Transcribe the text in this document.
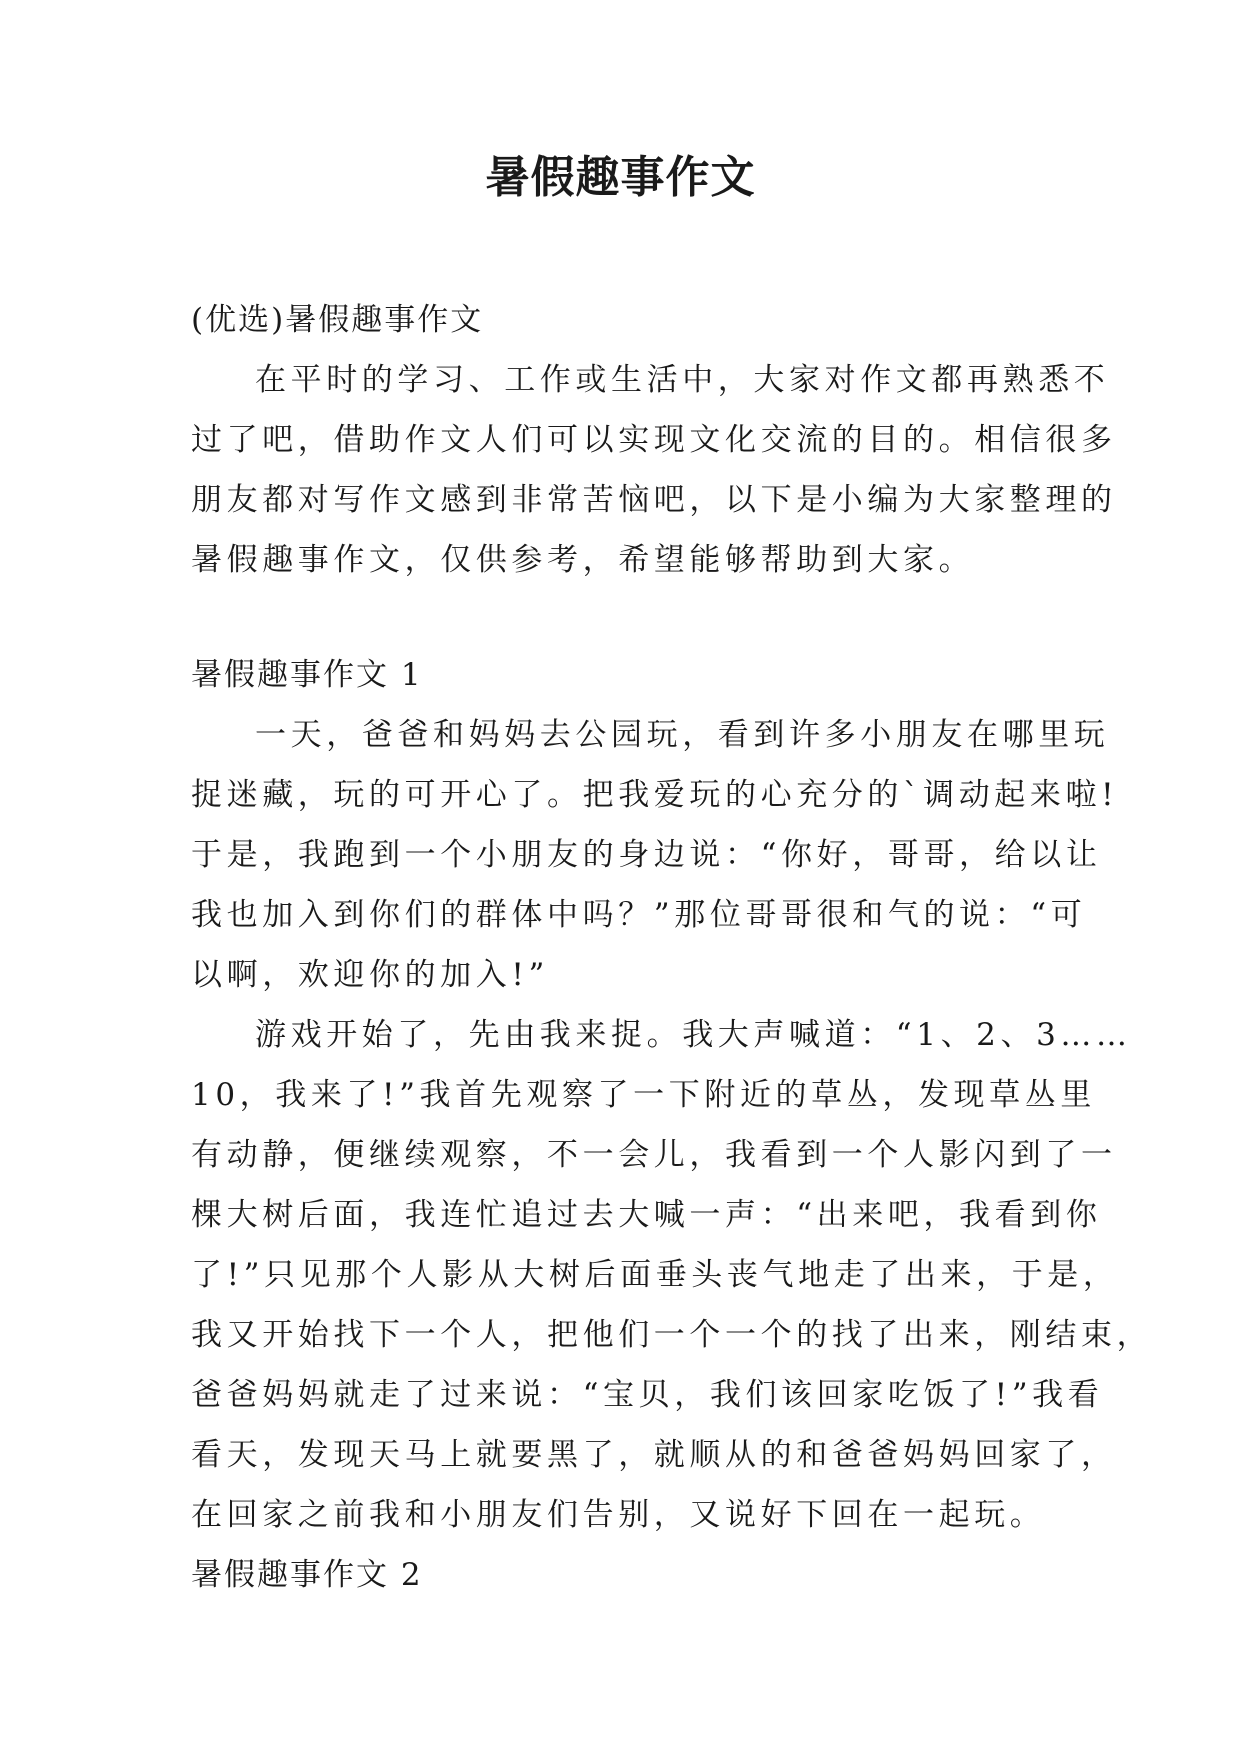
暑假趣事作文
(优选)暑假趣事作文
在平时的学习、工作或生活中，大家对作文都再熟悉不
过了吧，借助作文人们可以实现文化交流的目的。相信很多
朋友都对写作文感到非常苦恼吧，以下是小编为大家整理的
暑假趣事作文，仅供参考，希望能够帮助到大家。
暑假趣事作文 1
一天，爸爸和妈妈去公园玩，看到许多小朋友在哪里玩
捉迷藏，玩的可开心了。把我爱玩的心充分的`调动起来啦!
于是，我跑到一个小朋友的身边说：“你好，哥哥，给以让
我也加入到你们的群体中吗？”那位哥哥很和气的说：“可
以啊，欢迎你的加入!”
游戏开始了，先由我来捉。我大声喊道：“1、2、3……
10，我来了!”我首先观察了一下附近的草丛，发现草丛里
有动静，便继续观察，不一会儿，我看到一个人影闪到了一
棵大树后面，我连忙追过去大喊一声：“出来吧，我看到你
了!”只见那个人影从大树后面垂头丧气地走了出来，于是，
我又开始找下一个人，把他们一个一个的找了出来，刚结束，
爸爸妈妈就走了过来说：“宝贝，我们该回家吃饭了!”我看
看天，发现天马上就要黑了，就顺从的和爸爸妈妈回家了，
在回家之前我和小朋友们告别，又说好下回在一起玩。
暑假趣事作文 2
